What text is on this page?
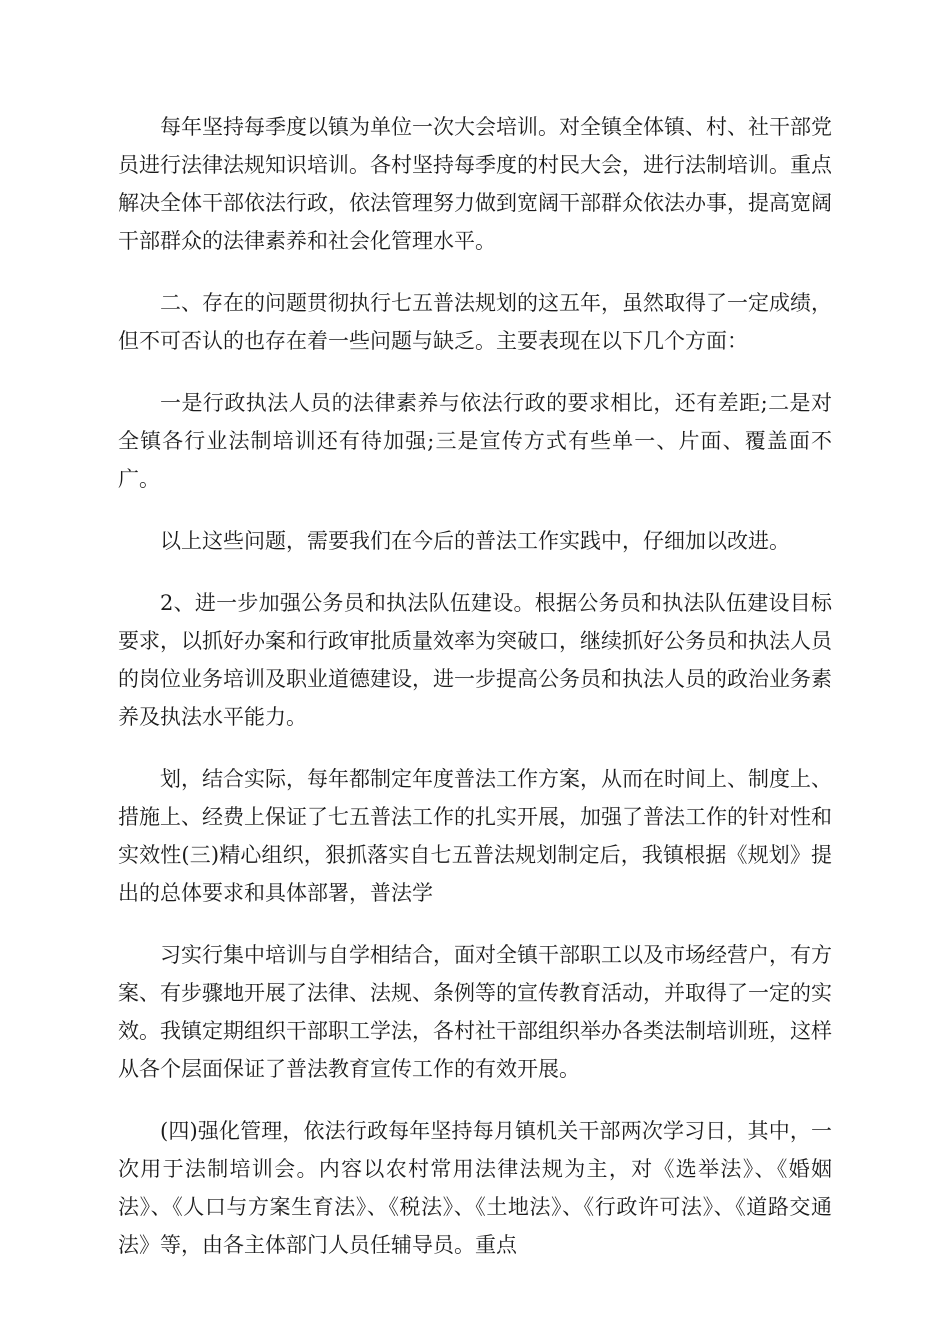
每年坚持每季度以镇为单位一次大会培训。对全镇全体镇、村、社干部党员进行法律法规知识培训。各村坚持每季度的村民大会，进行法制培训。重点解决全体干部依法行政，依法管理努力做到宽阔干部群众依法办事，提高宽阔干部群众的法律素养和社会化管理水平。

二、存在的问题贯彻执行七五普法规划的这五年，虽然取得了一定成绩，但不可否认的也存在着一些问题与缺乏。主要表现在以下几个方面：

一是行政执法人员的法律素养与依法行政的要求相比，还有差距;二是对全镇各行业法制培训还有待加强;三是宣传方式有些单一、片面、覆盖面不广。

以上这些问题，需要我们在今后的普法工作实践中，仔细加以改进。

2、进一步加强公务员和执法队伍建设。根据公务员和执法队伍建设目标要求，以抓好办案和行政审批质量效率为突破口，继续抓好公务员和执法人员的岗位业务培训及职业道德建设，进一步提高公务员和执法人员的政治业务素养及执法水平能力。

划，结合实际，每年都制定年度普法工作方案，从而在时间上、制度上、措施上、经费上保证了七五普法工作的扎实开展，加强了普法工作的针对性和实效性(三)精心组织，狠抓落实自七五普法规划制定后，我镇根据《规划》提出的总体要求和具体部署，普法学

习实行集中培训与自学相结合，面对全镇干部职工以及市场经营户，有方案、有步骤地开展了法律、法规、条例等的宣传教育活动，并取得了一定的实效。我镇定期组织干部职工学法，各村社干部组织举办各类法制培训班，这样从各个层面保证了普法教育宣传工作的有效开展。

(四)强化管理，依法行政每年坚持每月镇机关干部两次学习日，其中，一次用于法制培训会。内容以农村常用法律法规为主，对《选举法》、《婚姻法》、《人口与方案生育法》、《税法》、《土地法》、《行政许可法》、《道路交通法》等，由各主体部门人员任辅导员。重点
